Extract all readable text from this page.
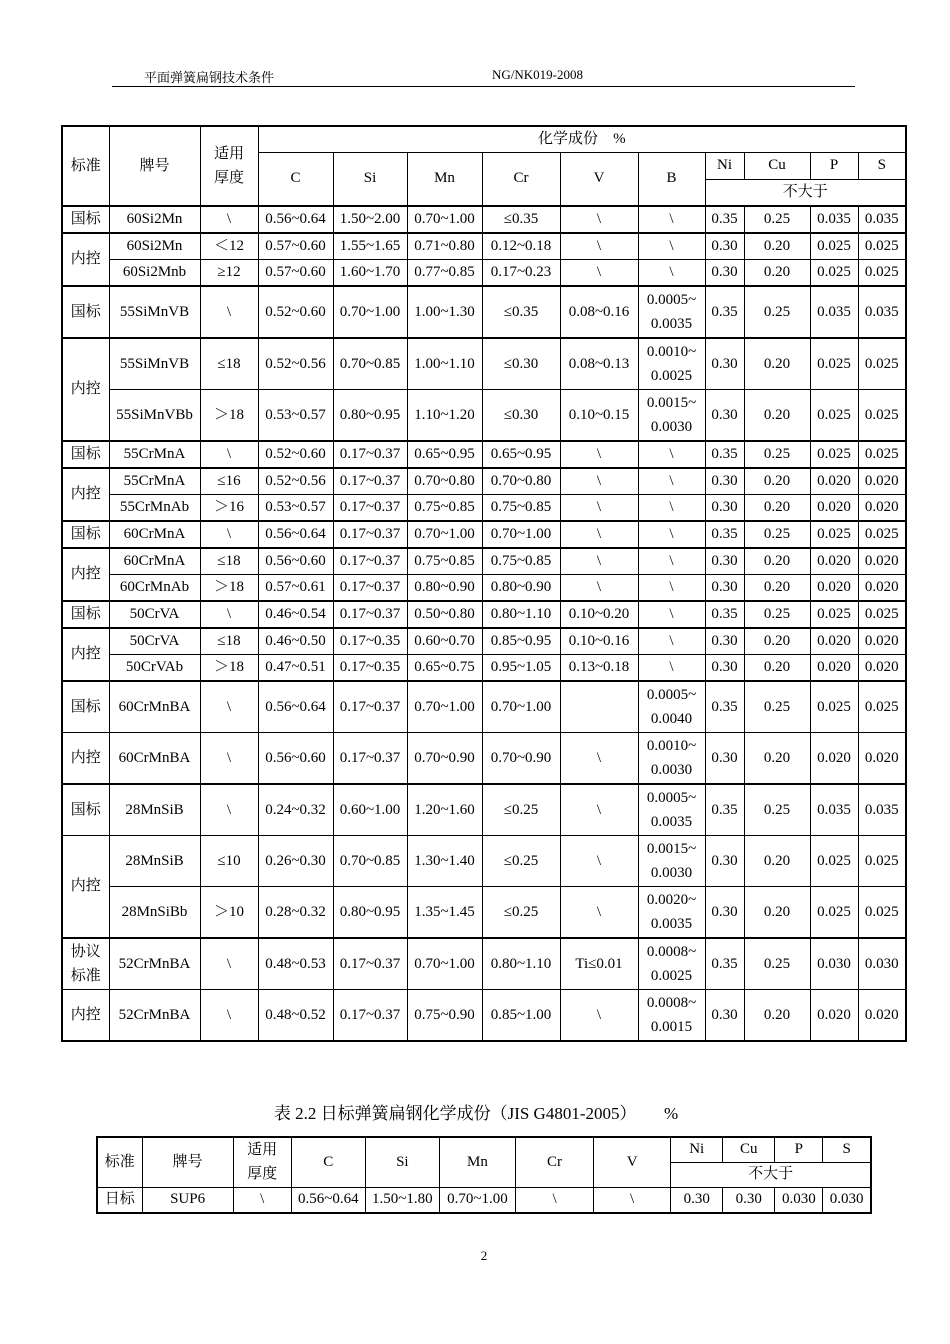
平面弹簧扁钢技术条件	NG/NK019-2008
标准	牌号	适用
厚度	化学成份 %									
			C	Si	Mn	Cr	V	B	Ni	Cu	P	S
									不大于			
国标	60Si2Mn	\	0.56~0.64	1.50~2.00	0.70~1.00	≤0.35	\	\	0.35	0.25	0.035	0.035
内控	60Si2Mn	＜12	0.57~0.60	1.55~1.65	0.71~0.80	0.12~0.18	\	\	0.30	0.20	0.025	0.025
	60Si2Mnb	≥12	0.57~0.60	1.60~1.70	0.77~0.85	0.17~0.23	\	\	0.30	0.20	0.025	0.025
国标	55SiMnVB	\	0.52~0.60	0.70~1.00	1.00~1.30	≤0.35	0.08~0.16	0.0005~
0.0035	0.35	0.25	0.035	0.035
内控	55SiMnVB	≤18	0.52~0.56	0.70~0.85	1.00~1.10	≤0.30	0.08~0.13	0.0010~
0.0025	0.30	0.20	0.025	0.025
	55SiMnVBb	＞18	0.53~0.57	0.80~0.95	1.10~1.20	≤0.30	0.10~0.15	0.0015~
0.0030	0.30	0.20	0.025	0.025
国标	55CrMnA	\	0.52~0.60	0.17~0.37	0.65~0.95	0.65~0.95	\	\	0.35	0.25	0.025	0.025
内控	55CrMnA	≤16	0.52~0.56	0.17~0.37	0.70~0.80	0.70~0.80	\	\	0.30	0.20	0.020	0.020
	55CrMnAb	＞16	0.53~0.57	0.17~0.37	0.75~0.85	0.75~0.85	\	\	0.30	0.20	0.020	0.020
国标	60CrMnA	\	0.56~0.64	0.17~0.37	0.70~1.00	0.70~1.00	\	\	0.35	0.25	0.025	0.025
内控	60CrMnA	≤18	0.56~0.60	0.17~0.37	0.75~0.85	0.75~0.85	\	\	0.30	0.20	0.020	0.020
	60CrMnAb	＞18	0.57~0.61	0.17~0.37	0.80~0.90	0.80~0.90	\	\	0.30	0.20	0.020	0.020
国标	50CrVA	\	0.46~0.54	0.17~0.37	0.50~0.80	0.80~1.10	0.10~0.20	\	0.35	0.25	0.025	0.025
内控	50CrVA	≤18	0.46~0.50	0.17~0.35	0.60~0.70	0.85~0.95	0.10~0.16	\	0.30	0.20	0.020	0.020
	50CrVAb	＞18	0.47~0.51	0.17~0.35	0.65~0.75	0.95~1.05	0.13~0.18	\	0.30	0.20	0.020	0.020
国标	60CrMnBA	\	0.56~0.64	0.17~0.37	0.70~1.00	0.70~1.00		0.0005~
0.0040	0.35	0.25	0.025	0.025
内控	60CrMnBA	\	0.56~0.60	0.17~0.37	0.70~0.90	0.70~0.90	\	0.0010~
0.0030	0.30	0.20	0.020	0.020
国标	28MnSiB	\	0.24~0.32	0.60~1.00	1.20~1.60	≤0.25	\	0.0005~
0.0035	0.35	0.25	0.035	0.035
内控	28MnSiB	≤10	0.26~0.30	0.70~0.85	1.30~1.40	≤0.25	\	0.0015~
0.0030	0.30	0.20	0.025	0.025
	28MnSiBb	＞10	0.28~0.32	0.80~0.95	1.35~1.45	≤0.25	\	0.0020~
0.0035	0.30	0.20	0.025	0.025
协议
标准	52CrMnBA	\	0.48~0.53	0.17~0.37	0.70~1.00	0.80~1.10	Ti≤0.01	0.0008~
0.0025	0.35	0.25	0.030	0.030
内控	52CrMnBA	\	0.48~0.52	0.17~0.37	0.75~0.90	0.85~1.00	\	0.0008~
0.0015	0.30	0.20	0.020	0.020
表 2.2 日标弹簧扁钢化学成份（JIS G4801-2005） %
标准	牌号	适用
厚度	C	Si	Mn	Cr	V	Ni	Cu	P	S
								不大于			
日标	SUP6	\	0.56~0.64	1.50~1.80	0.70~1.00	\	\	0.30	0.30	0.030	0.030
2
